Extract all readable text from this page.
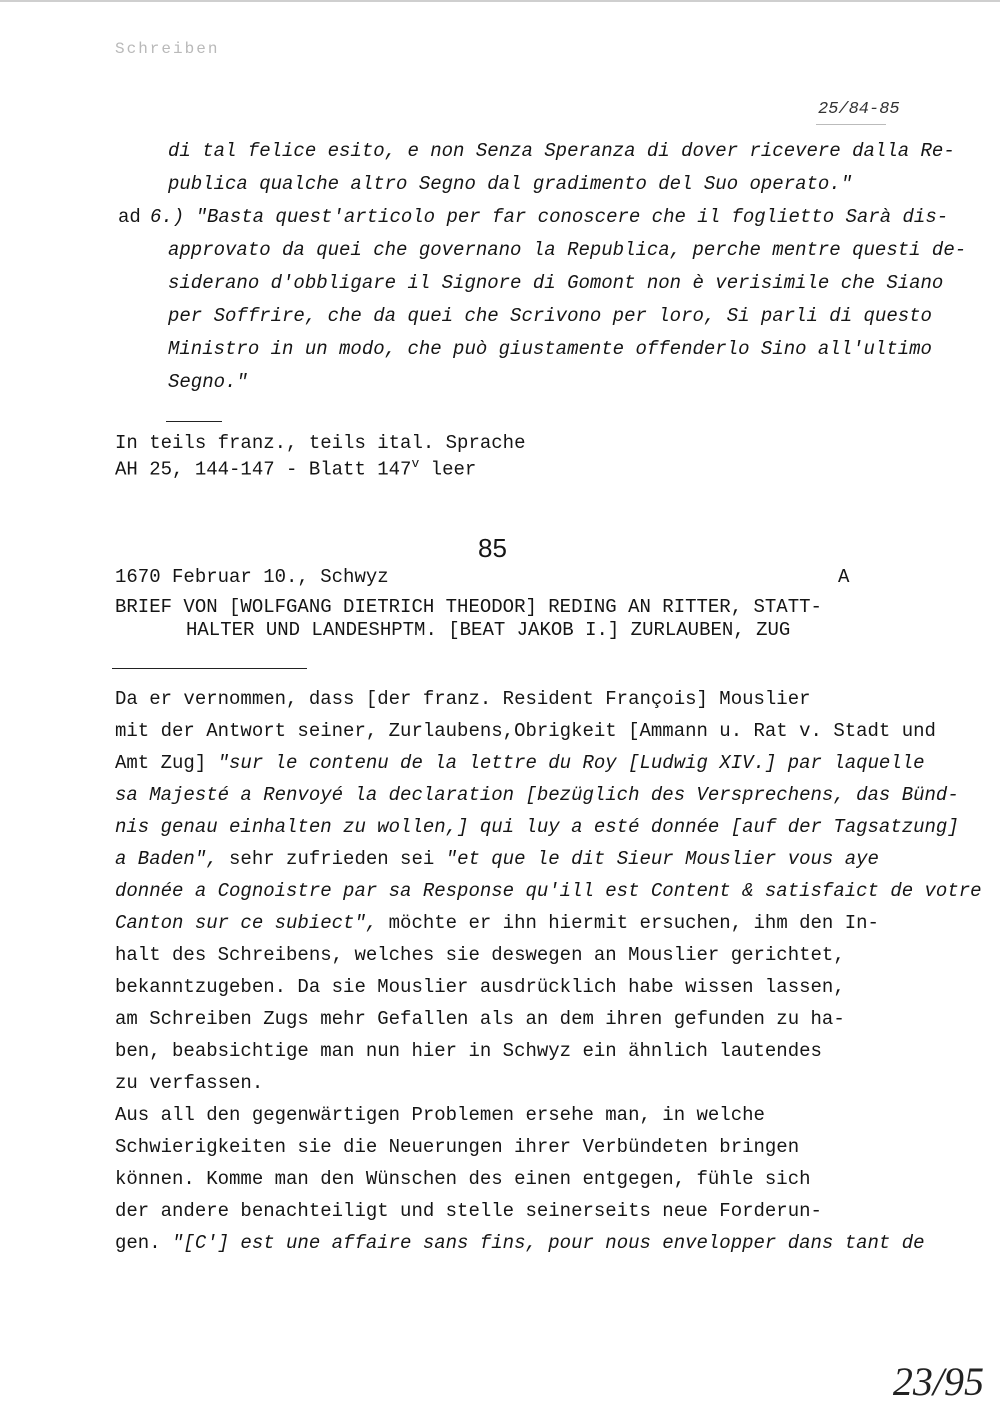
Schreiben
25/84-85
di tal felice esito, e non Senza Speranza di dover ricevere dalla Re-
publica qualche altro Segno dal gradimento del Suo operato."
ad 6.) "Basta quest'articolo per far conoscere che il foglietto Sarà dis-
approvato da quei che governano la Republica, perche mentre questi de-
siderano d'obbligare il Signore di Gomont non è verisimile che Siano
per Soffrire, che da quei che Scrivono per loro, Si parli di questo
Ministro in un modo, che può giustamente offenderlo Sino all'ultimo
Segno."
In teils franz., teils ital. Sprache
AH 25, 144-147 - Blatt 147$^v$ leer
85
1670 Februar 10., Schwyz	A
BRIEF VON [WOLFGANG DIETRICH THEODOR] REDING AN RITTER, STATT-
HALTER UND LANDESHPTM. [BEAT JAKOB I.] ZURLAUBEN, ZUG
Da er vernommen, dass [der franz. Resident François] Mouslier
mit der Antwort seiner, Zurlaubens,Obrigkeit [Ammann u. Rat v. Stadt und
Amt Zug] "sur le contenu de la lettre du Roy [Ludwig XIV.] par laquelle
sa Majesté a Renvoyé la declaration [bezüglich des Versprechens, das Bünd-
nis genau einhalten zu wollen,] qui luy a esté donnée [auf der Tagsatzung]
a Baden", sehr zufrieden sei "et que le dit Sieur Mouslier vous aye
donnée a Cognoistre par sa Response qu'ill est Content & satisfaict de votre
Canton sur ce subiect", möchte er ihn hiermit ersuchen, ihm den In-
halt des Schreibens, welches sie deswegen an Mouslier gerichtet,
bekanntzugeben. Da sie Mouslier ausdrücklich habe wissen lassen,
am Schreiben Zugs mehr Gefallen als an dem ihren gefunden zu ha-
ben, beabsichtige man nun hier in Schwyz ein ähnlich lautendes
zu verfassen.
Aus all den gegenwärtigen Problemen ersehe man, in welche
Schwierigkeiten sie die Neuerungen ihrer Verbündeten bringen
können. Komme man den Wünschen des einen entgegen, fühle sich
der andere benachteiligt und stelle seinerseits neue Forderun-
gen. "[C'] est une affaire sans fins, pour nous envelopper dans tant de
23/95
